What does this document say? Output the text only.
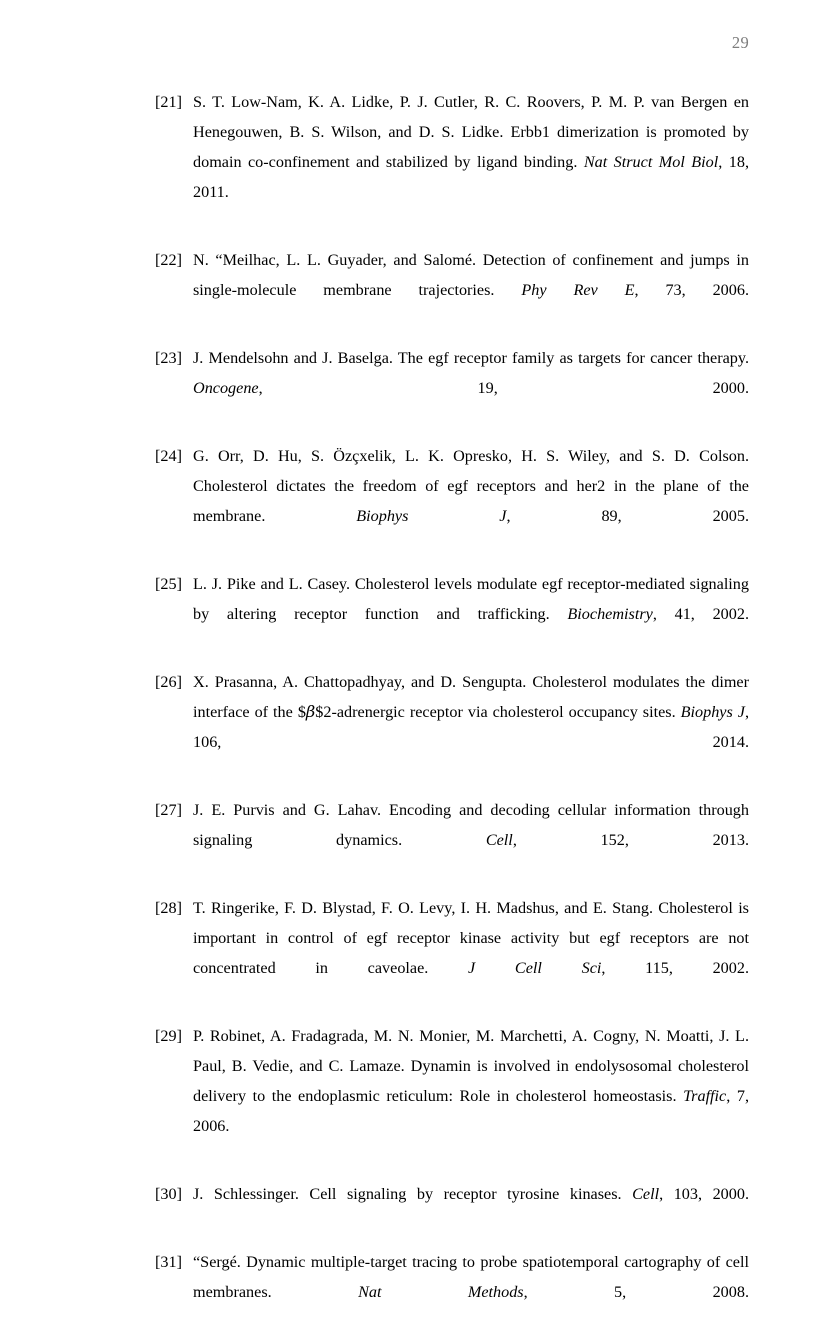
29
[21] S. T. Low-Nam, K. A. Lidke, P. J. Cutler, R. C. Roovers, P. M. P. van Bergen en Henegouwen, B. S. Wilson, and D. S. Lidke. Erbb1 dimerization is promoted by domain co-confinement and stabilized by ligand binding. Nat Struct Mol Biol, 18, 2011.
[22] N. “Meilhac, L. L. Guyader, and Salomé. Detection of confinement and jumps in single-molecule membrane trajectories. Phy Rev E, 73, 2006.
[23] J. Mendelsohn and J. Baselga. The egf receptor family as targets for cancer therapy. Oncogene, 19, 2000.
[24] G. Orr, D. Hu, S. Özçxelik, L. K. Opresko, H. S. Wiley, and S. D. Colson. Cholesterol dictates the freedom of egf receptors and her2 in the plane of the membrane. Biophys J, 89, 2005.
[25] L. J. Pike and L. Casey. Cholesterol levels modulate egf receptor-mediated signaling by altering receptor function and trafficking. Biochemistry, 41, 2002.
[26] X. Prasanna, A. Chattopadhyay, and D. Sengupta. Cholesterol modulates the dimer interface of the $β$2-adrenergic receptor via cholesterol occupancy sites. Biophys J, 106, 2014.
[27] J. E. Purvis and G. Lahav. Encoding and decoding cellular information through signaling dynamics. Cell, 152, 2013.
[28] T. Ringerike, F. D. Blystad, F. O. Levy, I. H. Madshus, and E. Stang. Cholesterol is important in control of egf receptor kinase activity but egf receptors are not concentrated in caveolae. J Cell Sci, 115, 2002.
[29] P. Robinet, A. Fradagrada, M. N. Monier, M. Marchetti, A. Cogny, N. Moatti, J. L. Paul, B. Vedie, and C. Lamaze. Dynamin is involved in endolysosomal cholesterol delivery to the endoplasmic reticulum: Role in cholesterol homeostasis. Traffic, 7, 2006.
[30] J. Schlessinger. Cell signaling by receptor tyrosine kinases. Cell, 103, 2000.
[31] “Sergé. Dynamic multiple-target tracing to probe spatiotemporal cartography of cell membranes. Nat Methods, 5, 2008.
